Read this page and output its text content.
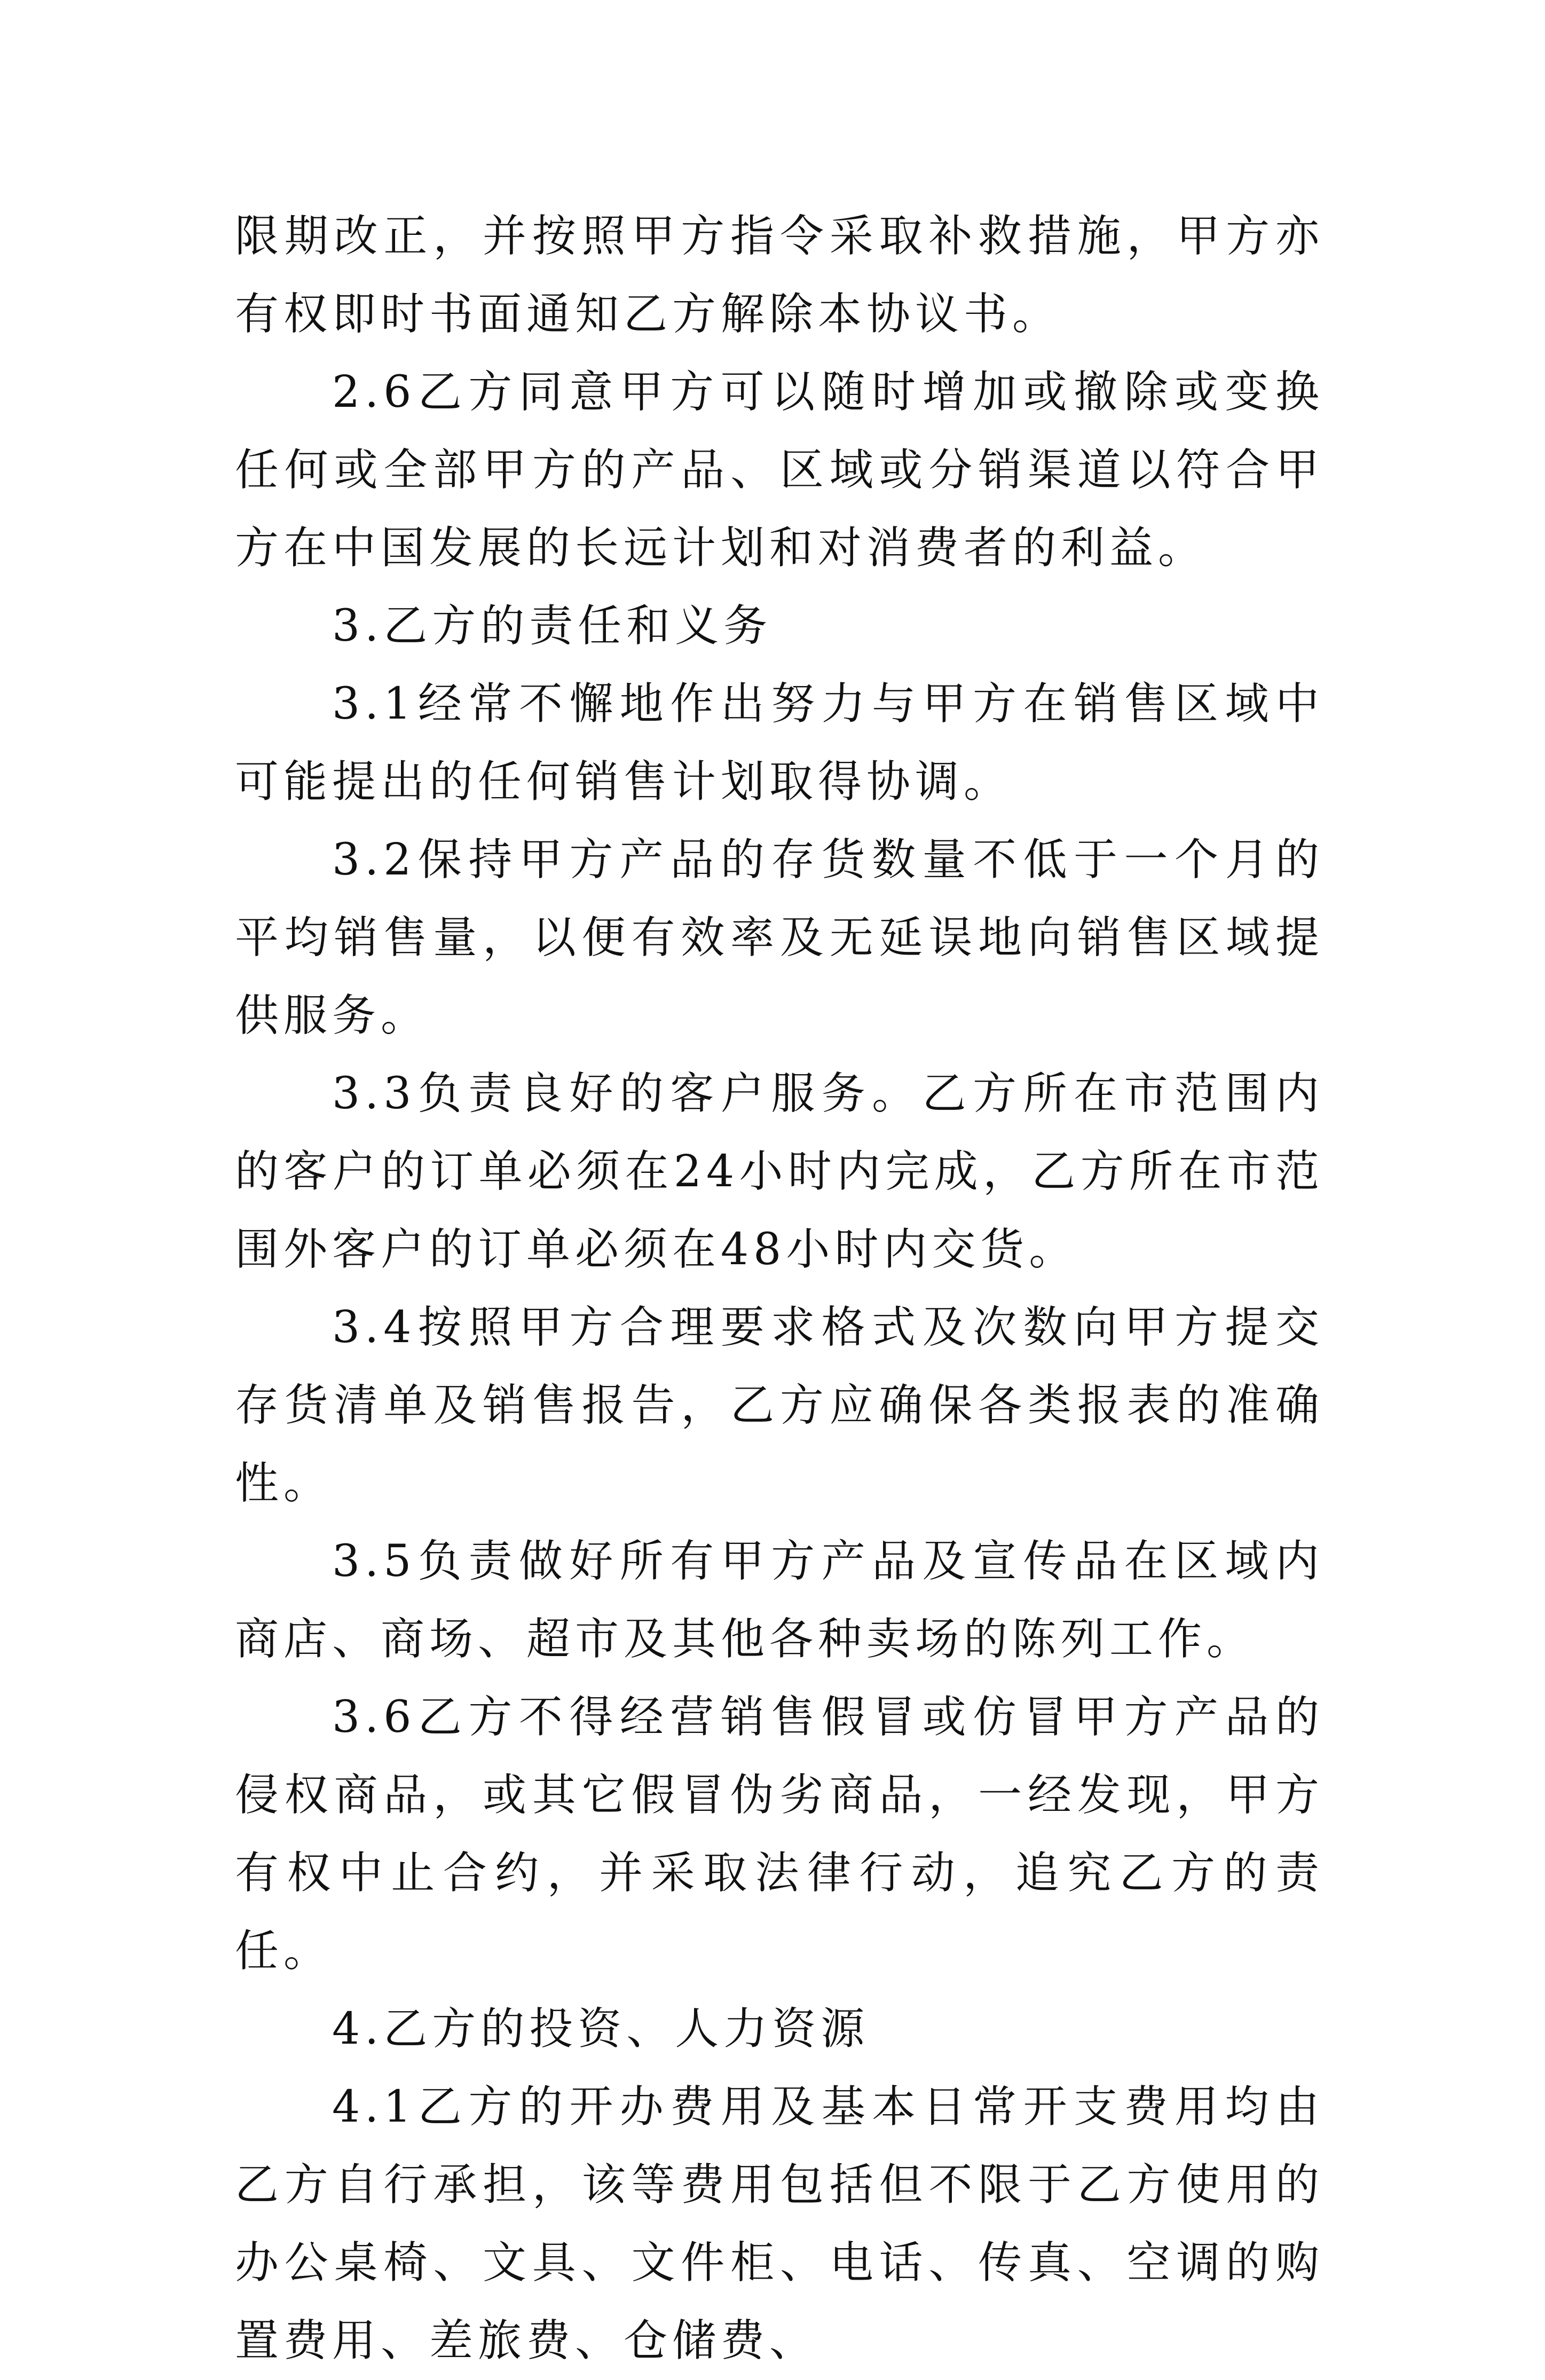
限期改正，并按照甲方指令采取补救措施，甲方亦有权即时书面通知乙方解除本协议书。

2.6乙方同意甲方可以随时增加或撤除或变换任何或全部甲方的产品、区域或分销渠道以符合甲方在中国发展的长远计划和对消费者的利益。

3.乙方的责任和义务

3.1经常不懈地作出努力与甲方在销售区域中可能提出的任何销售计划取得协调。

3.2保持甲方产品的存货数量不低于一个月的平均销售量，以便有效率及无延误地向销售区域提供服务。

3.3负责良好的客户服务。乙方所在市范围内的客户的订单必须在24小时内完成，乙方所在市范围外客户的订单必须在48小时内交货。

3.4按照甲方合理要求格式及次数向甲方提交存货清单及销售报告，乙方应确保各类报表的准确性。

3.5负责做好所有甲方产品及宣传品在区域内商店、商场、超市及其他各种卖场的陈列工作。

3.6乙方不得经营销售假冒或仿冒甲方产品的侵权商品，或其它假冒伪劣商品，一经发现，甲方有权中止合约，并采取法律行动，追究乙方的责任。

4.乙方的投资、人力资源

4.1乙方的开办费用及基本日常开支费用均由乙方自行承担，该等费用包括但不限于乙方使用的办公桌椅、文具、文件柜、电话、传真、空调的购置费用、差旅费、仓储费、
